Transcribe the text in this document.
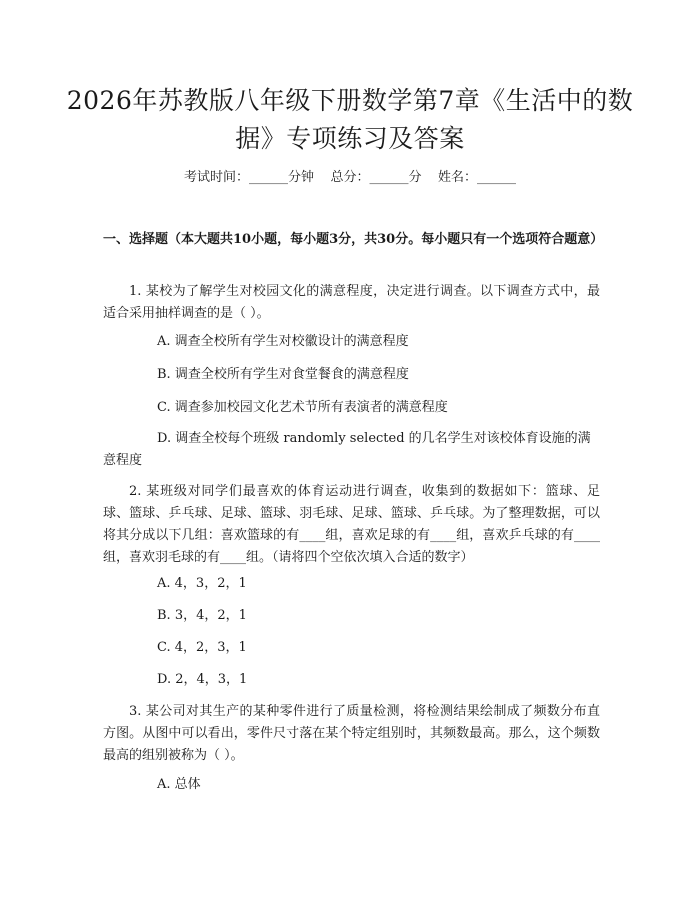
2026年苏教版八年级下册数学第7章《生活中的数据》专项练习及答案
考试时间：______分钟    总分：______分    姓名：______
一、选择题（本大题共10小题，每小题3分，共30分。每小题只有一个选项符合题意）
1. 某校为了解学生对校园文化的满意程度，决定进行调查。以下调查方式中，最适合采用抽样调查的是（ ）。
A. 调查全校所有学生对校徽设计的满意程度
B. 调查全校所有学生对食堂餐食的满意程度
C. 调查参加校园文化艺术节所有表演者的满意程度
D. 调查全校每个班级 randomly selected 的几名学生对该校体育设施的满意程度
2. 某班级对同学们最喜欢的体育运动进行调查，收集到的数据如下：篮球、足球、篮球、乒乓球、足球、篮球、羽毛球、足球、篮球、乒乓球。为了整理数据，可以将其分成以下几组：喜欢篮球的有____组，喜欢足球的有____组，喜欢乒乓球的有____组，喜欢羽毛球的有____组。（请将四个空依次填入合适的数字）
A. 4，3，2，1
B. 3，4，2，1
C. 4，2，3，1
D. 2，4，3，1
3. 某公司对其生产的某种零件进行了质量检测，将检测结果绘制成了频数分布直方图。从图中可以看出，零件尺寸落在某个特定组别时，其频数最高。那么，这个频数最高的组别被称为（ ）。
A. 总体
